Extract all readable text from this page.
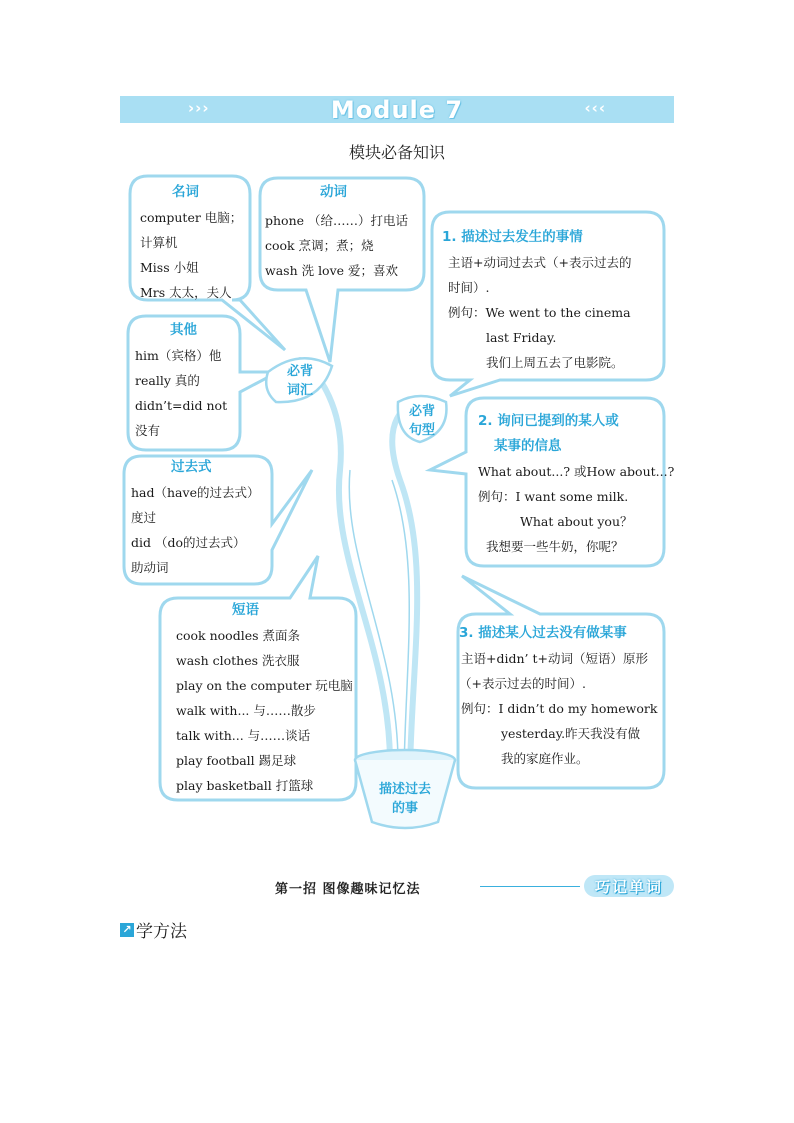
›››	Module 7	‹‹‹
模块必备知识
名词
computer 电脑；
计算机
Miss 小姐
Mrs 太太，夫人
动词
phone （给……）打电话
cook 烹调；煮；烧
wash 洗 love 爱；喜欢
其他
him（宾格）他
really 真的
didn’t=did not
没有
过去式
had（have的过去式）
度过
did （do的过去式）
助动词
短语
cook noodles 煮面条
wash clothes 洗衣服
play on the computer 玩电脑
walk with... 与……散步
talk with... 与……谈话
play football 踢足球
play basketball 打篮球
1. 描述过去发生的事情
主语+动词过去式（+表示过去的
时间）.
例句：We went to the cinema
last Friday.
我们上周五去了电影院。
2. 询问已提到的某人或
某事的信息
What about...? 或How about...?
例句：I want some milk.
What about you？
我想要一些牛奶，你呢？
3. 描述某人过去没有做某事
主语+didn’ t+动词（短语）原形
（+表示过去的时间）.
例句：I didn’t do my homework
yesterday.昨天我没有做
我的家庭作业。
必背
词汇
必背
句型
描述过去
的事
第一招 图像趣味记忆法	巧记单词
↗ 学方法
